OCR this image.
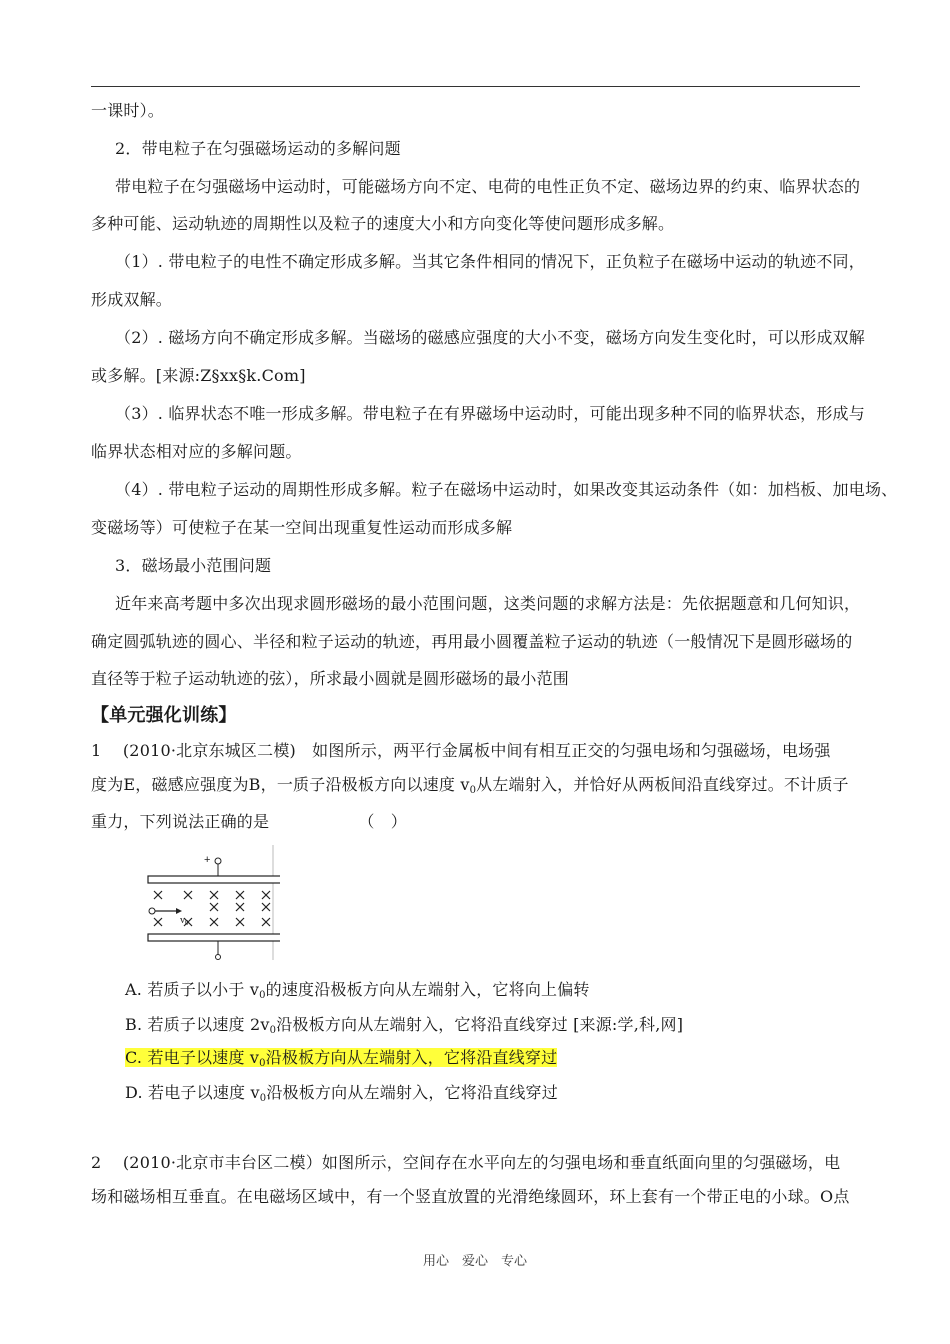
一课时）。
2．带电粒子在匀强磁场运动的多解问题
带电粒子在匀强磁场中运动时，可能磁场方向不定、电荷的电性正负不定、磁场边界的约束、临界状态的
多种可能、运动轨迹的周期性以及粒子的速度大小和方向变化等使问题形成多解。
（1）. 带电粒子的电性不确定形成多解。当其它条件相同的情况下，正负粒子在磁场中运动的轨迹不同，
形成双解。
（2）. 磁场方向不确定形成多解。当磁场的磁感应强度的大小不变，磁场方向发生变化时，可以形成双解
或多解。[来源:Z§xx§k.Com]
（3）. 临界状态不唯一形成多解。带电粒子在有界磁场中运动时，可能出现多种不同的临界状态，形成与
临界状态相对应的多解问题。
（4）. 带电粒子运动的周期性形成多解。粒子在磁场中运动时，如果改变其运动条件（如：加档板、加电场、
变磁场等）可使粒子在某一空间出现重复性运动而形成多解
3．磁场最小范围问题
近年来高考题中多次出现求圆形磁场的最小范围问题，这类问题的求解方法是：先依据题意和几何知识，
确定圆弧轨迹的圆心、半径和粒子运动的轨迹，再用最小圆覆盖粒子运动的轨迹（一般情况下是圆形磁场的
直径等于粒子运动轨迹的弦），所求最小圆就是圆形磁场的最小范围
【单元强化训练】
1　 (2010·北京东城区二模)　如图所示，两平行金属板中间有相互正交的匀强电场和匀强磁场，电场强
度为E，磁感应强度为B，一质子沿极板方向以速度 v0从左端射入，并恰好从两板间沿直线穿过。不计质子
重力，下列说法正确的是　　　　　　（　）
+
$v_0$
A. 若质子以小于 v0的速度沿极板方向从左端射入，它将向上偏转
B. 若质子以速度 2v0沿极板方向从左端射入，它将沿直线穿过 [来源:学,科,网]
C. 若电子以速度 v0沿极板方向从左端射入，它将沿直线穿过
D. 若电子以速度 v0沿极板方向从左端射入，它将沿直线穿过
2　 (2010·北京市丰台区二模）如图所示，空间存在水平向左的匀强电场和垂直纸面向里的匀强磁场，电
场和磁场相互垂直。在电磁场区域中，有一个竖直放置的光滑绝缘圆环，环上套有一个带正电的小球。O点
用心　爱心　专心
